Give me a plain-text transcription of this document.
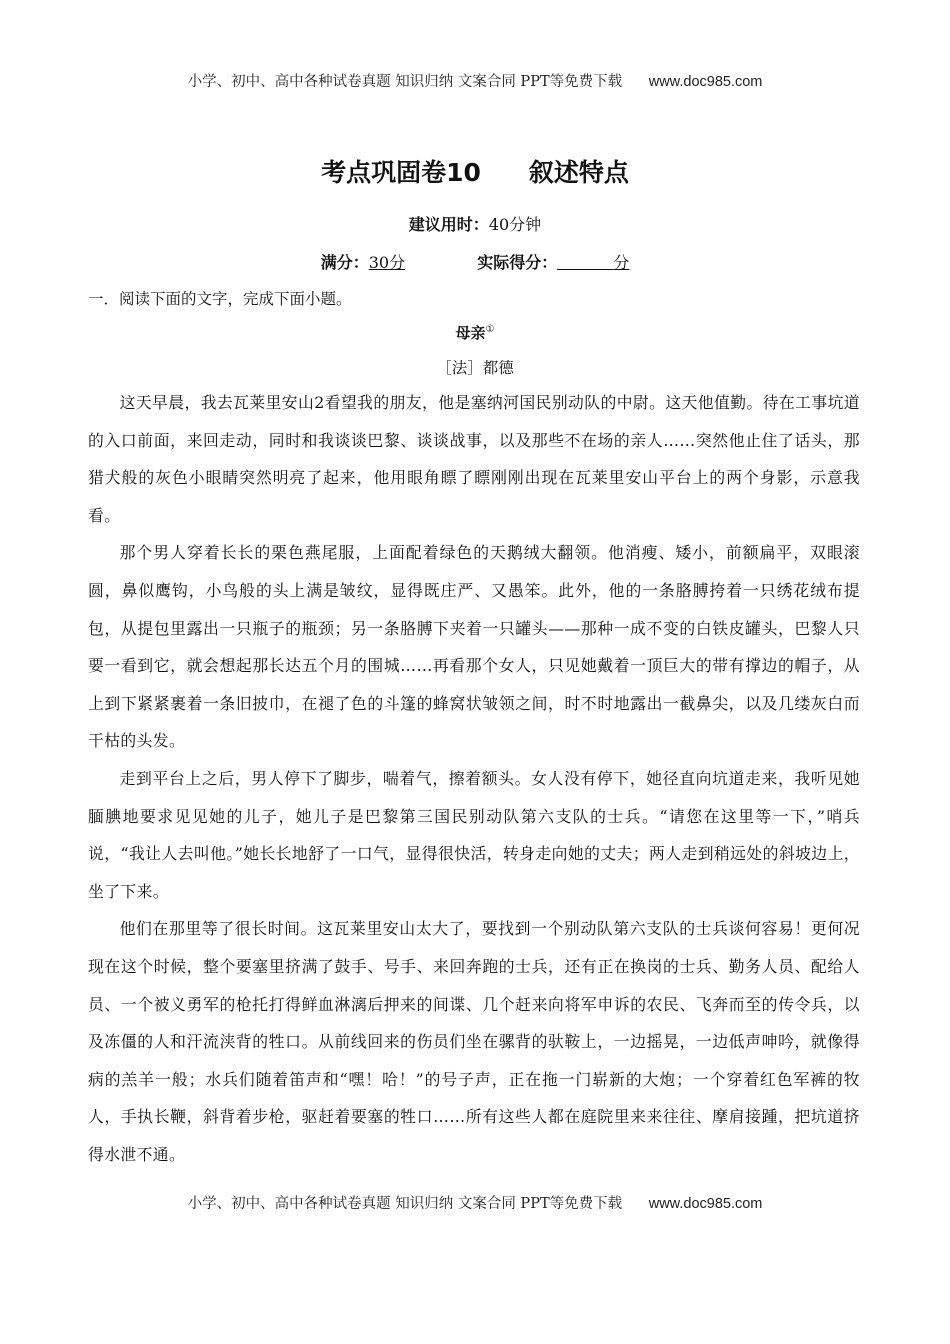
小学、初中、高中各种试卷真题 知识归纳 文案合同 PPT等免费下载 www.doc985.com
考点巩固卷10 叙述特点
建议用时：40分钟
满分：30分	实际得分：	分
一．阅读下面的文字，完成下面小题。
母亲①
［法］都德

这天早晨，我去瓦莱里安山2看望我的朋友，他是塞纳河国民别动队的中尉。这天他值勤。待在工事坑道的入口前面，来回走动，同时和我谈谈巴黎、谈谈战事，以及那些不在场的亲人……突然他止住了话头，那猎犬般的灰色小眼睛突然明亮了起来，他用眼角瞟了瞟刚刚出现在瓦莱里安山平台上的两个身影，示意我看。

那个男人穿着长长的栗色燕尾服，上面配着绿色的天鹅绒大翻领。他消瘦、矮小，前额扁平，双眼滚圆，鼻似鹰钩，小鸟般的头上满是皱纹，显得既庄严、又愚笨。此外，他的一条胳膊挎着一只绣花绒布提包，从提包里露出一只瓶子的瓶颈；另一条胳膊下夹着一只罐头——那种一成不变的白铁皮罐头，巴黎人只要一看到它，就会想起那长达五个月的围城……再看那个女人，只见她戴着一顶巨大的带有撑边的帽子，从上到下紧紧裹着一条旧披巾，在褪了色的斗篷的蜂窝状皱领之间，时不时地露出一截鼻尖，以及几缕灰白而干枯的头发。

走到平台上之后，男人停下了脚步，喘着气，擦着额头。女人没有停下，她径直向坑道走来，我听见她腼腆地要求见见她的儿子，她儿子是巴黎第三国民别动队第六支队的士兵。“请您在这里等一下，”哨兵说，“我让人去叫他。”她长长地舒了一口气，显得很快活，转身走向她的丈夫；两人走到稍远处的斜坡边上，坐了下来。

他们在那里等了很长时间。这瓦莱里安山太大了，要找到一个别动队第六支队的士兵谈何容易！更何况现在这个时候，整个要塞里挤满了鼓手、号手、来回奔跑的士兵，还有正在换岗的士兵、勤务人员、配给人员、一个被义勇军的枪托打得鲜血淋漓后押来的间谍、几个赶来向将军申诉的农民、飞奔而至的传令兵，以及冻僵的人和汗流浃背的牲口。从前线回来的伤员们坐在骡背的驮鞍上，一边摇晃，一边低声呻吟，就像得病的羔羊一般；水兵们随着笛声和“嘿！哈！”的号子声，正在拖一门崭新的大炮；一个穿着红色军裤的牧人，手执长鞭，斜背着步枪，驱赶着要塞的牲口……所有这些人都在庭院里来来往往、摩肩接踵，把坑道挤得水泄不通。

小学、初中、高中各种试卷真题 知识归纳 文案合同 PPT等免费下载 www.doc985.com
